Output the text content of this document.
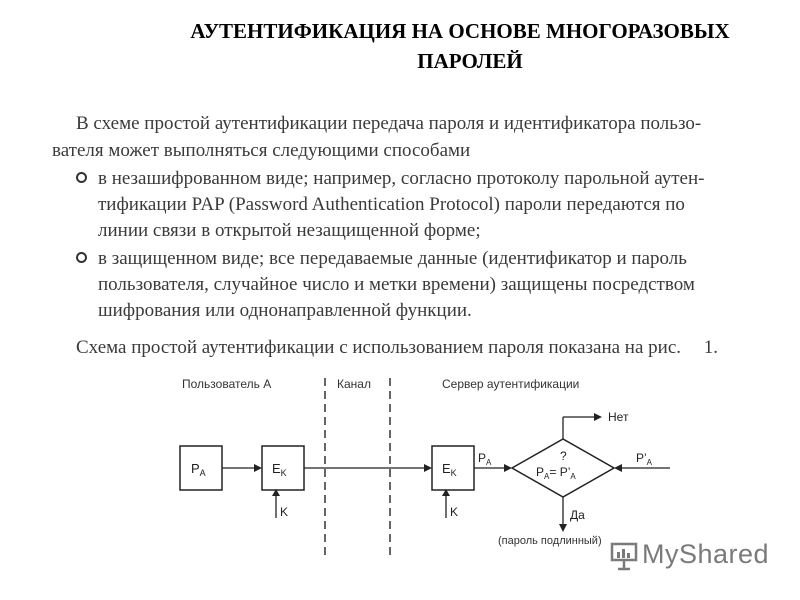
АУТЕНТИФИКАЦИЯ НА ОСНОВЕ МНОГОРАЗОВЫХ
ПАРОЛЕЙ

В схеме простой аутентификации передача пароля и идентификатора пользо-
вателя может выполняться следующими способами

в незашифрованном виде; например, согласно протоколу парольной аутен-
тификации PAP (Password Authentication Protocol) пароли передаются по
линии связи в открытой незащищенной форме;
в защищенном виде; все передаваемые данные (идентификатор и пароль
пользователя, случайное число и метки времени) защищены посредством
шифрования или однонаправленной функции.

Схема простой аутентификации с использованием пароля показана на рис. 1.

Пользователь А	Канал	Сервер аутентификации
$P_A$	$E_K$
K
$E_K$
K
$P_A$	?
$P_A=$ $P’_A$
$P’_A$
Нет
Да
(пароль подлинный) MyShared
